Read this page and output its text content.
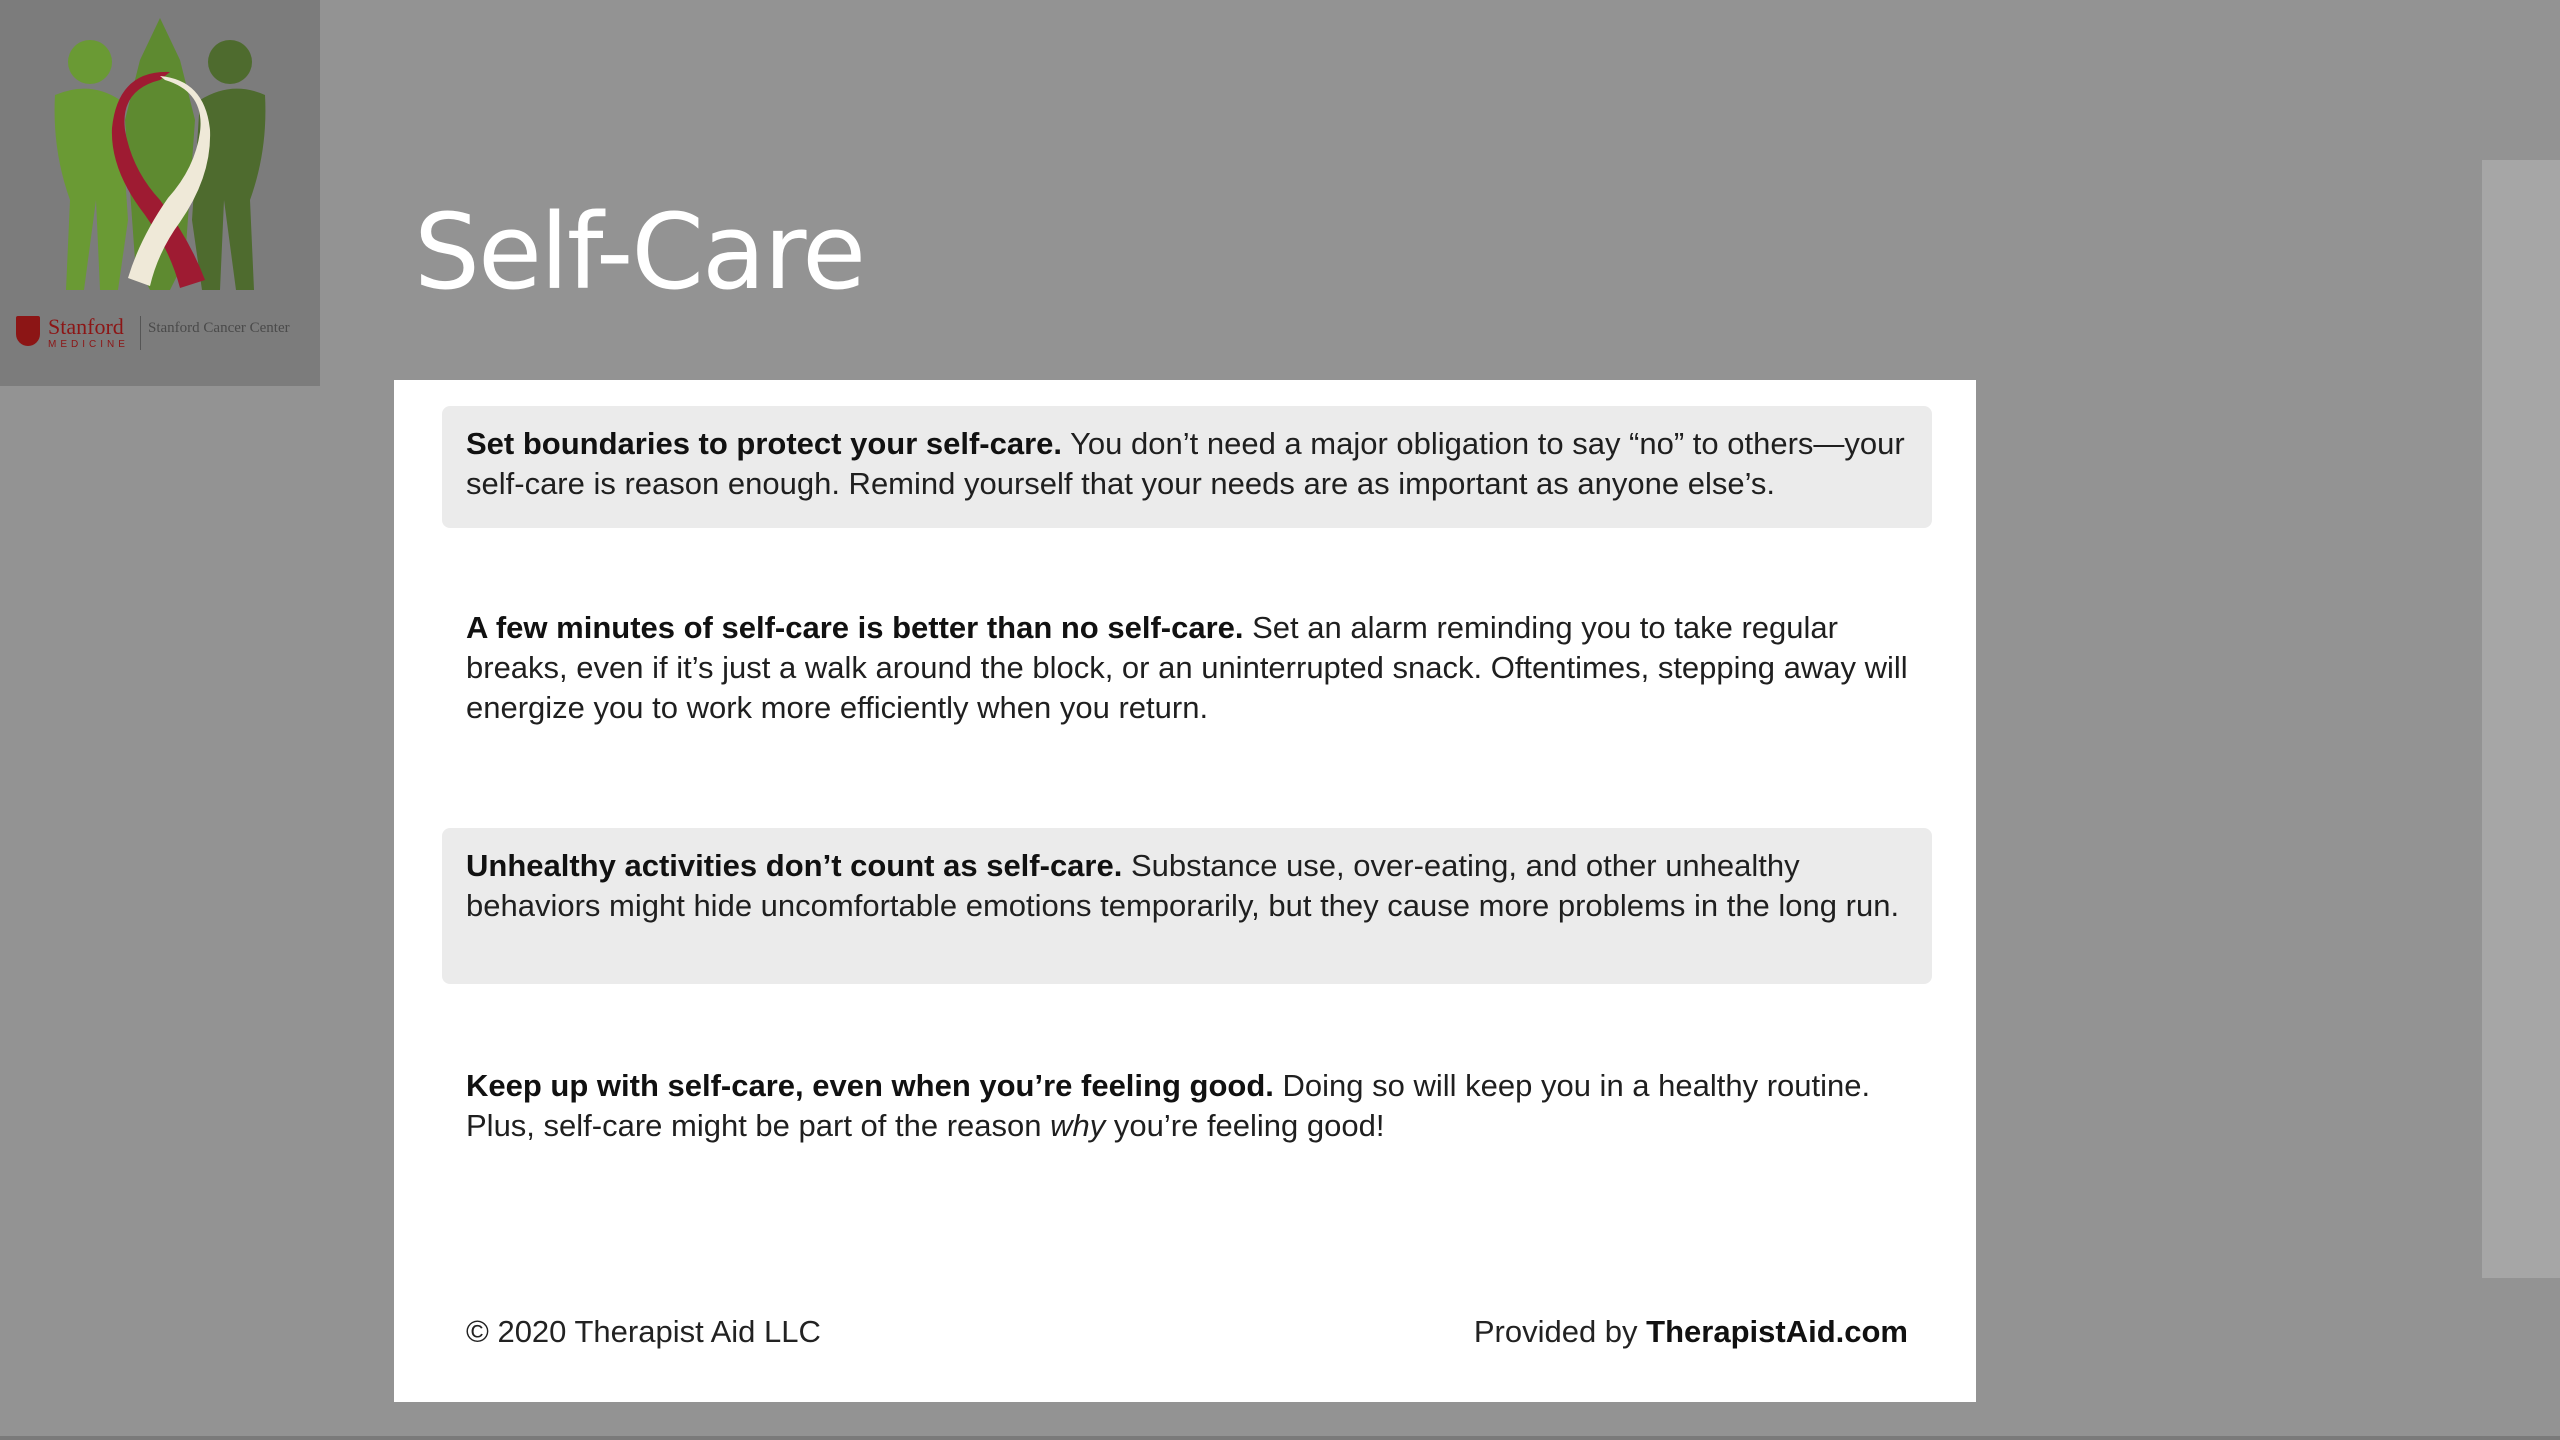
Stanford
MEDICINE
Stanford Cancer Center
Self-Care
Set boundaries to protect your self-care. You don’t need a major obligation to say “no” to others—your self-care is reason enough. Remind yourself that your needs are as important as anyone else’s.
A few minutes of self-care is better than no self-care. Set an alarm reminding you to take regular breaks, even if it’s just a walk around the block, or an uninterrupted snack. Oftentimes, stepping away will energize you to work more efficiently when you return.
Unhealthy activities don’t count as self-care. Substance use, over-eating, and other unhealthy behaviors might hide uncomfortable emotions temporarily, but they cause more problems in the long run.
Keep up with self-care, even when you’re feeling good. Doing so will keep you in a healthy routine. Plus, self-care might be part of the reason why you’re feeling good!
© 2020 Therapist Aid LLC	Provided by TherapistAid.com
